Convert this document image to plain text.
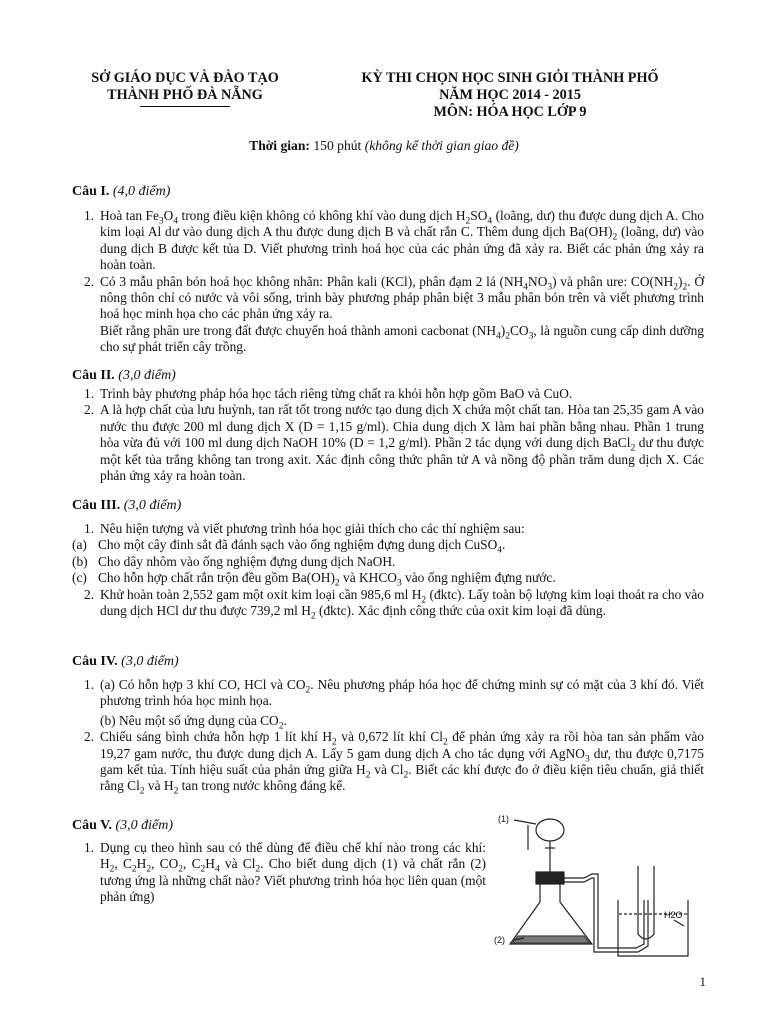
SỞ GIÁO DỤC VÀ ĐÀO TẠO
THÀNH PHỐ ĐÀ NẴNG
KỲ THI CHỌN HỌC SINH GIỎI THÀNH PHỐ
NĂM HỌC 2014 - 2015
MÔN: HÓA HỌC LỚP 9
Thời gian: 150 phút (không kể thời gian giao đề)
Câu I. (4,0 điểm)
1. Hoà $\tan Fe_3O_4$ trong điều kiện không có không khí vào dung dịch $H_2SO_4$ (loãng, dư) thu được dung dịch A. Cho kim loại Al dư vào dung dịch A thu được dung dịch B và chất rắn C. Thêm dung dịch $Ba(OH)_2$ (loãng, dư) vào dung dịch B được kết tủa D. Viết phương trình hoá học của các phản ứng đã xảy ra. Biết các phản ứng xảy ra hoàn toàn.
2. Có 3 mẫu phân bón hoá học không nhãn: Phân kali (KCl), phân đạm 2 lá $(NH_4NO_3)$ và phân ure: $CO(NH_2)_2$. Ở nông thôn chỉ có nước và vôi sống, trình bày phương pháp phân biệt 3 mẫu phân bón trên và viết phương trình hoá học minh họa cho các phản ứng xảy ra.
Biết rằng phân ure trong đất được chuyển hoá thành amoni cacbonat $(NH_4)_2CO_3$, là nguồn cung cấp dinh dưỡng cho sự phát triển cây trồng.
Câu II. (3,0 điểm)
1. Trình bày phương pháp hóa học tách riêng từng chất ra khỏi hỗn hợp gồm BaO và CuO.
2. A là hợp chất của lưu huỳnh, tan rất tốt trong nước tạo dung dịch X chứa một chất tan. Hòa tan 25,35 gam A vào nước thu được 200 ml dung dịch X (D = 1,15 g/ml). Chia dung dịch X làm hai phần bằng nhau. Phần 1 trung hòa vừa đủ với 100 ml dung dịch NaOH 10% (D = 1,2 g/ml). Phần 2 tác dụng với dung dịch BaCl$_2$ dư thu được một kết tủa trắng không tan trong axit. Xác định công thức phân tử A và nồng độ phần trăm dung dịch X. Các phản ứng xảy ra hoàn toàn.
Câu III. (3,0 điểm)
1. Nêu hiện tượng và viết phương trình hóa học giải thích cho các thí nghiệm sau:
(a) Cho một cây đinh sắt đã đánh sạch vào ống nghiệm đựng dung dịch CuSO$_4$.
(b) Cho dây nhôm vào ống nghiệm đựng dung dịch NaOH.
(c) Cho hỗn hợp chất rắn trộn đều gồm $Ba(OH)_2$ và $KHCO_3$ vào ống nghiệm đựng nước.
2. Khử hoàn toàn 2,552 gam một oxit kim loại cần 985,6 ml $H_2$ (đktc). Lấy toàn bộ lượng kim loại thoát ra cho vào dung dịch HCl dư thu được 739,2 ml $H_2$ (đktc). Xác định công thức của oxit kim loại đã dùng.
Câu IV. (3,0 điểm)
1. (a) Có hỗn hợp 3 khí CO, HCl và $CO_2$. Nêu phương pháp hóa học để chứng minh sự có mặt của 3 khí đó. Viết phương trình hóa học minh họa.
(b) Nêu một số ứng dụng của $CO_2$.
2. Chiếu sáng bình chứa hỗn hợp 1 lít khí $H_2$ và 0,672 lít khí $Cl_2$ để phản ứng xảy ra rồi hòa tan sản phẩm vào 19,27 gam nước, thu được dung dịch A. Lấy 5 gam dung dịch A cho tác dụng với AgNO$_3$ dư, thu được 0,7175 gam kết tủa. Tính hiệu suất của phản ứng giữa $H_2$ và $Cl_2$. Biết các khí được đo ở điều kiện tiêu chuẩn, giả thiết rằng $Cl_2$ và $H_2$ tan trong nước không đáng kể.
Câu V. (3,0 điểm)
1. Dụng cụ theo hình sau có thể dùng để điều chế khí nào trong các khí: $H_2$, $C_2H_2$, $CO_2$, $C_2H_4$ và $Cl_2$. Cho biết dung dịch (1) và chất rắn (2) tương ứng là những chất nào? Viết phương trình hóa học liên quan (một phản ứng)
(1)
(2)
H2O
1
